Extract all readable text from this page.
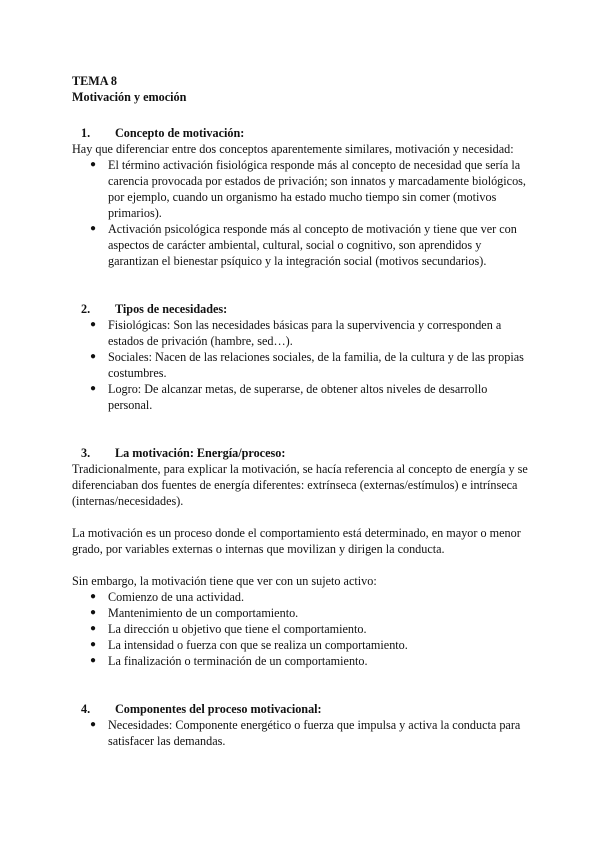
TEMA 8

Motivación y emoción

1.	Concepto de motivación:

Hay que diferenciar entre dos conceptos aparentemente similares, motivación y necesidad:

● El término activación fisiológica responde más al concepto de necesidad que sería la carencia provocada por estados de privación; son innatos y marcadamente biológicos, por ejemplo, cuando un organismo ha estado mucho tiempo sin comer (motivos primarios).
● Activación psicológica responde más al concepto de motivación y tiene que ver con aspectos de carácter ambiental, cultural, social o cognitivo, son aprendidos y garantizan el bienestar psíquico y la integración social (motivos secundarios).
2.	Tipos de necesidades:
● Fisiológicas: Son las necesidades básicas para la supervivencia y corresponden a estados de privación (hambre, sed…).
● Sociales: Nacen de las relaciones sociales, de la familia, de la cultura y de las propias costumbres.
● Logro: De alcanzar metas, de superarse, de obtener altos niveles de desarrollo personal.
3.	La motivación: Energía/proceso:

Tradicionalmente, para explicar la motivación, se hacía referencia al concepto de energía y se diferenciaban dos fuentes de energía diferentes: extrínseca (externas/estímulos) e intrínseca (internas/necesidades).

La motivación es un proceso donde el comportamiento está determinado, en mayor o menor grado, por variables externas o internas que movilizan y dirigen la conducta.

Sin embargo, la motivación tiene que ver con un sujeto activo:

● Comienzo de una actividad.
● Mantenimiento de un comportamiento.
● La dirección u objetivo que tiene el comportamiento.
● La intensidad o fuerza con que se realiza un comportamiento.
● La finalización o terminación de un comportamiento.
4.	Componentes del proceso motivacional:
● Necesidades: Componente energético o fuerza que impulsa y activa la conducta para satisfacer las demandas.
